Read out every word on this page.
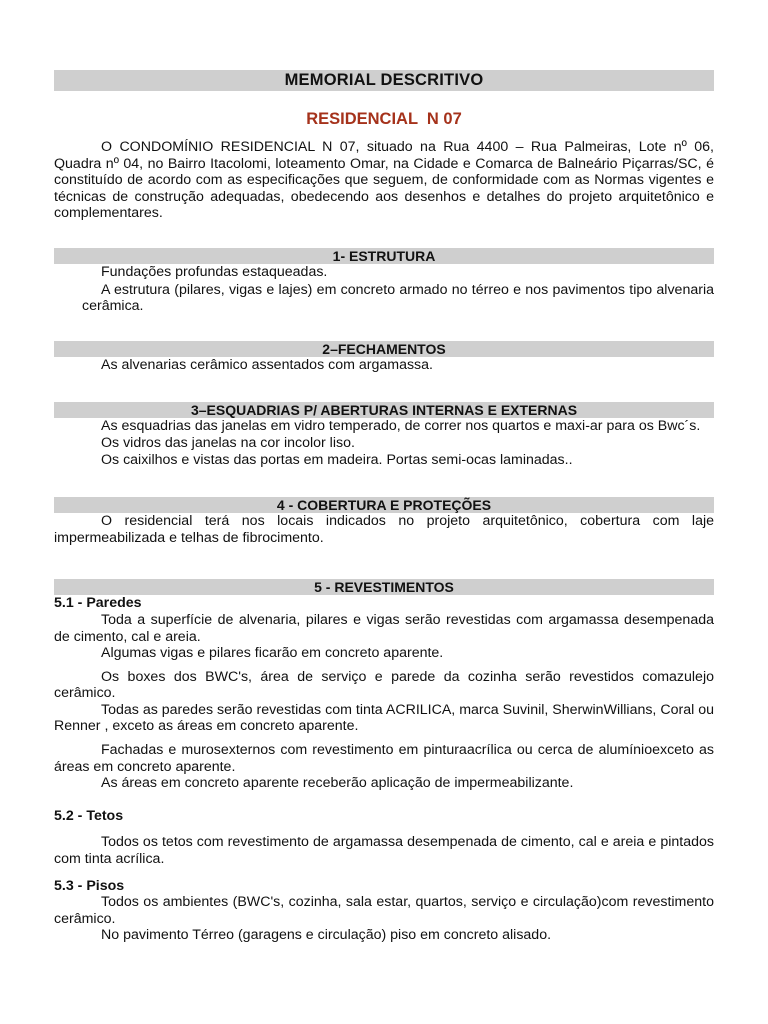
MEMORIAL DESCRITIVO
RESIDENCIAL  N 07

O CONDOMÍNIO RESIDENCIAL N 07, situado na Rua 4400 – Rua Palmeiras, Lote nº 06, Quadra nº 04, no Bairro Itacolomi, loteamento Omar, na Cidade e Comarca de Balneário Piçarras/SC, é constituído de acordo com as especificações que seguem, de conformidade com as Normas vigentes e técnicas de construção adequadas, obedecendo aos desenhos e detalhes do projeto arquitetônico e complementares.

1- ESTRUTURA

Fundações profundas estaqueadas.

A estrutura (pilares, vigas e lajes) em concreto armado no térreo e nos pavimentos tipo alvenaria cerâmica.

2–FECHAMENTOS

As alvenarias cerâmico assentados com argamassa.

3–ESQUADRIAS P/ ABERTURAS INTERNAS E EXTERNAS

As esquadrias das janelas em vidro temperado, de correr nos quartos e maxi-ar para os Bwc´s.

Os vidros das janelas na cor incolor liso.

Os caixilhos e vistas das portas em madeira. Portas semi-ocas laminadas..

4 - COBERTURA E PROTEÇÕES

O residencial terá nos locais indicados no projeto arquitetônico, cobertura com laje impermeabilizada e telhas de fibrocimento.

5 - REVESTIMENTOS
5.1 - Paredes

Toda a superfície de alvenaria, pilares e vigas serão revestidas com argamassa desempenada de cimento, cal e areia.

Algumas vigas e pilares ficarão em concreto aparente.

Os boxes dos BWC's, área de serviço e parede da cozinha serão revestidos comazulejo cerâmico.

Todas as paredes serão revestidas com tinta ACRILICA, marca Suvinil, SherwinWillians, Coral ou Renner , exceto as áreas em concreto aparente.

Fachadas e murosexternos com revestimento em pinturaacrílica ou cerca de alumínioexceto as áreas em concreto aparente.

As áreas em concreto aparente receberão aplicação de impermeabilizante.

5.2 - Tetos

Todos os tetos com revestimento de argamassa desempenada de cimento, cal e areia e pintados com tinta acrílica.

5.3 - Pisos

Todos os ambientes (BWC's, cozinha, sala estar, quartos, serviço e circulação)com revestimento cerâmico.

No pavimento Térreo (garagens e circulação) piso em concreto alisado.
